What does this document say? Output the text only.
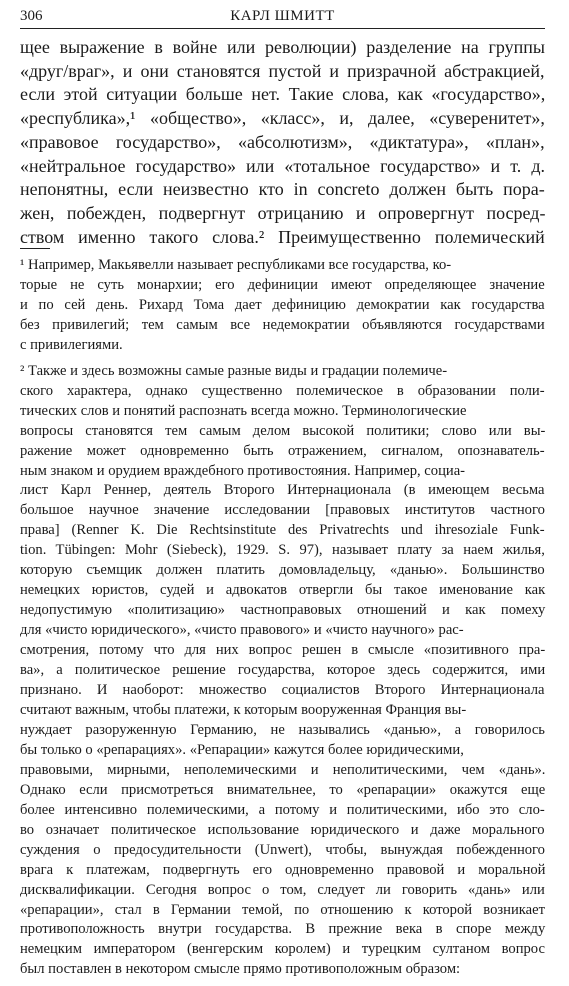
306	КАРЛ ШМИТТ
щее выражение в войне или революции) разделение на группы
«друг/враг», и они становятся пустой и призрачной абстракцией,
если этой ситуации больше нет. Такие слова, как «государство»,
«республика»,¹ «общество», «класс», и, далее, «суверенитет»,
«правовое государство», «абсолютизм», «диктатура», «план»,
«нейтральное государство» или «тотальное государство» и т. д.
непонятны, если неизвестно кто in concreto должен быть пора-
жен, побежден, подвергнут отрицанию и опровергнут посред-
ством именно такого слова.² Преимущественно полемический
¹ Например, Макьявелли называет республиками все государства, ко-
торые не суть монархии; его дефиниции имеют определяющее значение
и по сей день. Рихард Тома дает дефиницию демократии как государства
без привилегий; тем самым все недемократии объявляются государствами
с привилегиями.
² Также и здесь возможны самые разные виды и градации полемиче-
ского характера, однако существенно полемическое в образовании поли-
тических слов и понятий распознать всегда можно. Терминологические
вопросы становятся тем самым делом высокой политики; слово или вы-
ражение может одновременно быть отражением, сигналом, опознаватель-
ным знаком и орудием враждебного противостояния. Например, социа-
лист Карл Реннер, деятель Второго Интернационала (в имеющем весьма
большое научное значение исследовании [правовых институтов частного
права] (Renner K. Die Rechtsinstitute des Privatrechts und ihresoziale Funk-
tion. Tübingen: Mohr (Siebeck), 1929. S. 97), называет плату за наем жилья,
которую съемщик должен платить домовладельцу, «данью». Большинство
немецких юристов, судей и адвокатов отвергли бы такое именование как
недопустимую «политизацию» частноправовых отношений и как помеху
для «чисто юридического», «чисто правового» и «чисто научного» рас-
смотрения, потому что для них вопрос решен в смысле «позитивного пра-
ва», а политическое решение государства, которое здесь содержится, ими
признано. И наоборот: множество социалистов Второго Интернационала
считают важным, чтобы платежи, к которым вооруженная Франция вы-
нуждает разоруженную Германию, не назывались «данью», а говорилось
бы только о «репарациях». «Репарации» кажутся более юридическими,
правовыми, мирными, неполемическими и неполитическими, чем «дань».
Однако если присмотреться внимательнее, то «репарации» окажутся еще
более интенсивно полемическими, а потому и политическими, ибо это сло-
во означает политическое использование юридического и даже морального
суждения о предосудительности (Unwert), чтобы, вынуждая побежденного
врага к платежам, подвергнуть его одновременно правовой и моральной
дисквалификации. Сегодня вопрос о том, следует ли говорить «дань» или
«репарации», стал в Германии темой, по отношению к которой возникает
противоположность внутри государства. В прежние века в споре между
немецким императором (венгерским королем) и турецким султаном вопрос
был поставлен в некотором смысле прямо противоположным образом:
